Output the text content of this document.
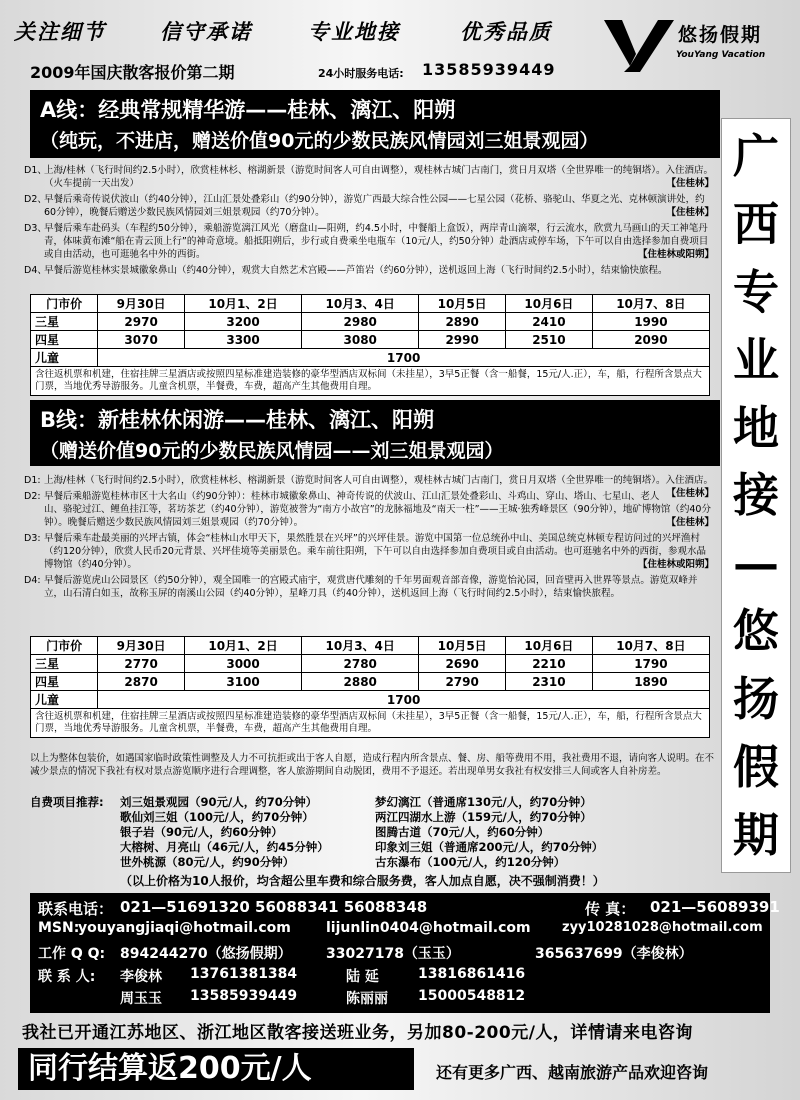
关注细节	信守承诺	专业地接	优秀品质
2009年国庆散客报价第二期	24小时服务电话: 13585939449
悠扬假期
YouYang Vacation
广
西
专
业
地
接
—
悠
扬
假
期
A线：经典常规精华游——桂林、漓江、阳朔
（纯玩，不进店，赠送价值90元的少数民族风情园刘三姐景观园）
D1、
上海/桂林（飞行时间约2.5小时），欣赏桂林杉、榕湖新景（游览时间客人可自由调整），观桂林古城门古南门，赏日月双塔（全世界唯一的纯铜塔）。入住酒店。（火车提前一天出发）	【住桂林】
D2、
早餐后乘奇传说伏波山（约40分钟），江山汇景处叠彩山（约90分钟），游览广西最大综合性公园——七星公园（花桥、骆驼山、华夏之光、克林顿演讲处，约60分钟），晚餐后赠送少数民族风情园刘三姐景观园（约70分钟）。	【住桂林】
D3、
早餐后乘车赴码头（车程约50分钟），乘船游览漓江风光（磨盘山—阳朔，约4.5小时，中餐船上盒饭），两岸青山滴翠，行云流水，欣赏九马画山的天工神笔丹青，体味黄布滩“船在青云顶上行”的神奇意境。船抵阳朔后，步行或自费乘坐电瓶车（10元/人，约50分钟）赴酒店或停车场，下午可以自由选择参加自费项目或自由活动，也可逛驰名中外的西街。	【住桂林或阳朔】
D4、
早餐后游览桂林实景城徽象鼻山（约40分钟），观赏大自然艺术宫殿——芦笛岩（约60分钟），送机返回上海（飞行时间约2.5小时），结束愉快旅程。
门市价	9月30日	10月1、2日	10月3、4日	10月5日	10月6日	10月7、8日
三星	2970	3200	2980	2890	2410	1990
四星	3070	3300	3080	2990	2510	2090
儿童	1700					
含往返机票和机建，住宿挂牌三星酒店或按照四星标准建造装修的豪华型酒店双标间（未挂星），3早5正餐（含一船餐，15元/人.正），车，船，行程所含景点大门票，当地优秀导游服务。儿童含机票，半餐费，车费，超高产生其他费用自理。						
B线：新桂林休闲游——桂林、漓江、阳朔
（赠送价值90元的少数民族风情园——刘三姐景观园）
D1: 上海/桂林（飞行时间约2.5小时），欣赏桂林杉、榕湖新景（游览时间客人可自由调整），观桂林古城门古南门，赏日月双塔（全世界唯一的纯铜塔）。入住酒店。
【住桂林】
D2: 早餐后乘船游览桂林市区十大名山（约90分钟）：桂林市城徽象鼻山、神奇传说的伏波山、江山汇景处叠彩山、斗鸡山、穿山、塔山、七星山、老人山、骆驼过江、鲤鱼挂江等，茗坊茶艺（约40分钟），游览被誉为“南方小故宫”的龙脉福地及“南天一柱”——王城·独秀峰景区（90分钟），地矿博物馆（约40分钟）。晚餐后赠送少数民族风情园刘三姐景观园（约70分钟）。	【住桂林】
D3: 早餐后乘车赴最美丽的兴坪古镇，体会“桂林山水甲天下，果然胜景在兴坪”的兴坪佳景。游览中国第一位总统孙中山、美国总统克林顿专程访问过的兴坪渔村（约120分钟），欣赏人民币20元背景、兴坪佳境等美丽景色。乘车前往阳朔，下午可以自由选择参加自费项目或自由活动。也可逛驰名中外的西街，参观水晶博物馆（约40分钟）。	【住桂林或阳朔】
D4: 早餐后游览虎山公园景区（约50分钟），观全国唯一的宫殿式庙宇，观赏唐代雕刻的千年男面观音部音像，游览怡沁园，回音壁再入世界等景点。游览双峰并立，山石清白如玉，故称玉屏的南溪山公园（约40分钟），星峰刀具（约40分钟），送机返回上海（飞行时间约2.5小时），结束愉快旅程。
门市价	9月30日	10月1、2日	10月3、4日	10月5日	10月6日	10月7、8日
三星	2770	3000	2780	2690	2210	1790
四星	2870	3100	2880	2790	2310	1890
儿童	1700					
含往返机票和机建，住宿挂牌三星酒店或按照四星标准建造装修的豪华型酒店双标间（未挂星），3早5正餐（含一船餐，15元/人.正），车，船，行程所含景点大门票，当地优秀导游服务。儿童含机票，半餐费，车费，超高产生其他费用自理。						
以上为整体包装价，如遇国家临时政策性调整及人力不可抗拒或出于客人自愿，造成行程内所含景点、餐、房、船等费用不用，我社费用不退，请向客人说明。在不减少景点的情况下我社有权对景点游览顺序进行合理调整，客人旅游期间自动脱团，费用不予退还。若出现单男女我社有权安排三人间或客人自补房差。
自费项目推荐: 刘三姐景观园（90元/人，约70分钟）
歌仙刘三姐（100元/人，约70分钟）
银子岩（90元/人，约60分钟）
大榕树、月亮山（46元/人，约45分钟）
世外桃源（80元/人，约90分钟）
梦幻漓江（普通席130元/人，约70分钟）
两江四湖水上游（159元/人，约70分钟）
图腾古道（70元/人，约60分钟）
印象刘三姐（普通席200元/人，约70分钟）
古东瀑布（100元/人，约120分钟）
（以上价格为10人报价，均含超公里车费和综合服务费，客人加点自愿，决不强制消费！）
联系电话： 021—51691320 56088341 56088348	传 真： 021—56089391
MSN:
youyangjiaqi@hotmail.com	lijunlin0404@hotmail.com zyy10281028@hotmail.com
工作 Q Q: 894244270（悠扬假期） 33027178（玉玉）	365637699（李俊林）
联 系 人: 李俊林 13761381384	陆 延	13816861416
周玉玉 13585939449	陈丽丽 15000548812
我社已开通江苏地区、浙江地区散客接送班业务，另加80-200元/人，详情请来电咨询
同行结算返200元/人	还有更多广西、越南旅游产品欢迎咨询
